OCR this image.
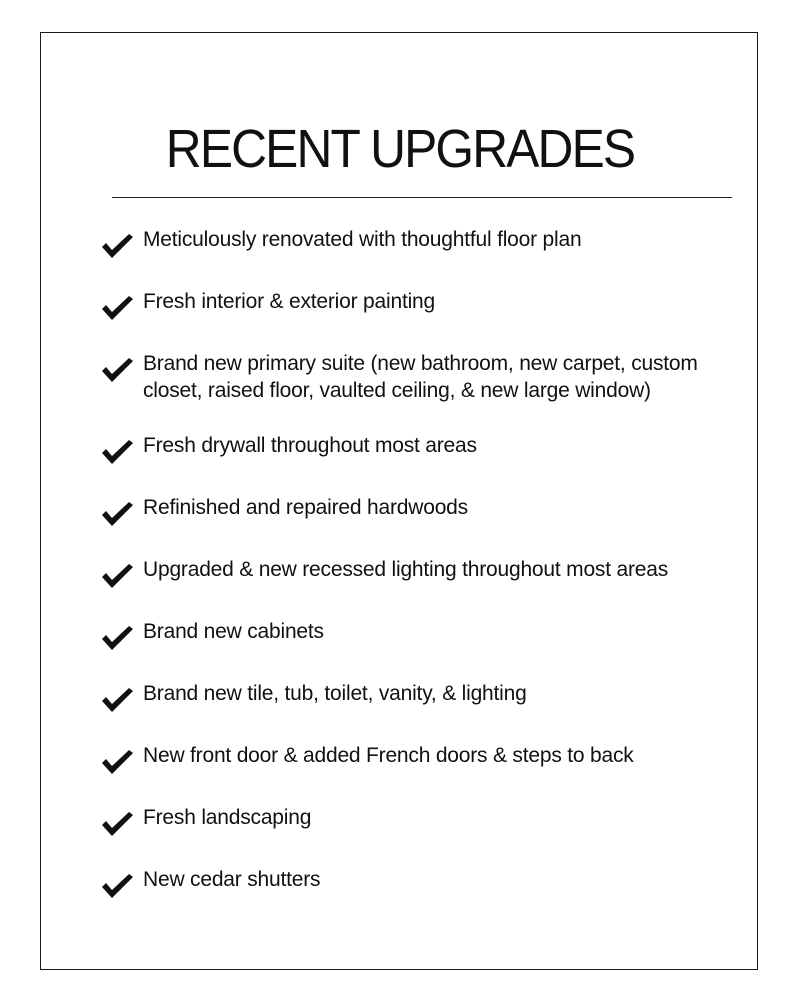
RECENT UPGRADES
Meticulously renovated with thoughtful floor plan
Fresh interior & exterior painting
Brand new primary suite (new bathroom, new carpet, custom closet, raised floor, vaulted ceiling, & new large window)
Fresh drywall throughout most areas
Refinished and repaired hardwoods
Upgraded & new recessed lighting throughout most areas
Brand new cabinets
Brand new tile, tub, toilet, vanity, & lighting
New front door & added French doors & steps to back
Fresh landscaping
New cedar shutters
